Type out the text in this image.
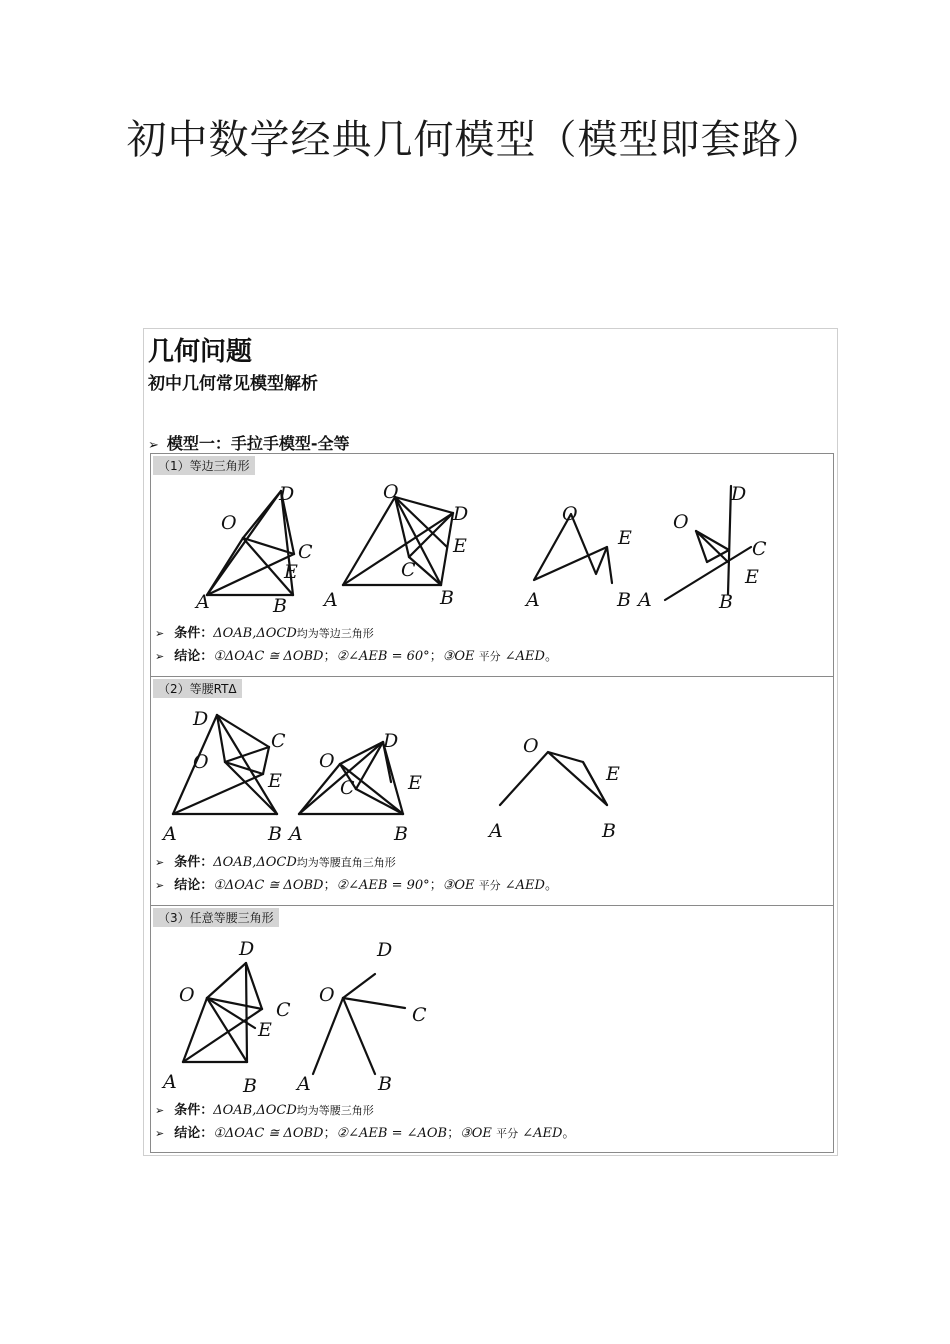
初中数学经典几何模型（模型即套路）
几何问题
初中几何常见模型解析
➢ 模型一：手拉手模型-全等
（1）等边三角形
A	B
O
D
C
E
O
A	B
D
E
C
O
A
E
B
O
D
C
E
A	B
➢ 条件：ΔOAB,ΔOCD均为等边三角形
➢ 结论：①ΔOAC ≅ ΔOBD；②∠AEB = 60°；③OE 平分 ∠AED。
（2）等腰RTΔ
D
C
O
E
A	B
O
D
E
C
A	B
O
E
A	B
➢ 条件：ΔOAB,ΔOCD均为等腰直角三角形
➢ 结论：①ΔOAC ≅ ΔOBD；②∠AEB = 90°；③OE 平分 ∠AED。
（3）任意等腰三角形
O
D
C
E
A	B
O
D
C
A	B
➢ 条件：ΔOAB,ΔOCD均为等腰三角形
➢ 结论：①ΔOAC ≅ ΔOBD；②∠AEB = ∠AOB；③OE 平分 ∠AED。
